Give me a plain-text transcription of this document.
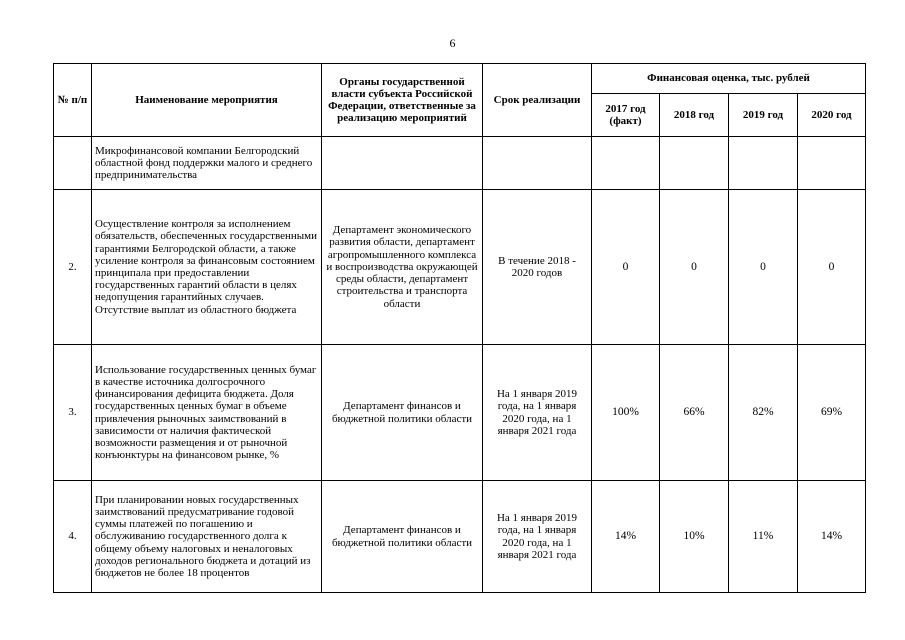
6
№ п/п	Наименование мероприятия	Органы государственной власти субъекта Российской Федерации, ответственные за реализацию мероприятий	Срок реализации	Финансовая оценка, тыс. рублей			
				2017 год (факт)	2018 год	2019 год	2020 год
	Микрофинансовой компании Белгородский областной фонд поддержки малого и среднего предпринимательства						
2.	Осуществление контроля за исполнением обязательств, обеспеченных государственными гарантиями Белгородской области, а также усиление контроля за финансовым состоянием принципала при предоставлении государственных гарантий области в целях недопущения гарантийных случаев. Отсутствие выплат из областного бюджета	Департамент экономического развития области, департамент агропромышленного комплекса и воспроизводства окружающей среды области, департамент строительства и транспорта области	В течение 2018 - 2020 годов	0	0	0	0
3.	Использование государственных ценных бумаг в качестве источника долгосрочного финансирования дефицита бюджета. Доля государственных ценных бумаг в объеме привлечения рыночных заимствований в зависимости от наличия фактической возможности размещения и от рыночной конъюнктуры на финансовом рынке, %	Департамент финансов и бюджетной политики области	На 1 января 2019 года, на 1 января 2020 года, на 1 января 2021 года	100%	66%	82%	69%
4.	При планировании новых государственных заимствований предусматривание годовой суммы платежей по погашению и обслуживанию государственного долга к общему объему налоговых и неналоговых доходов регионального бюджета и дотаций из бюджетов не более 18 процентов	Департамент финансов и бюджетной политики области	На 1 января 2019 года, на 1 января 2020 года, на 1 января 2021 года	14%	10%	11%	14%
